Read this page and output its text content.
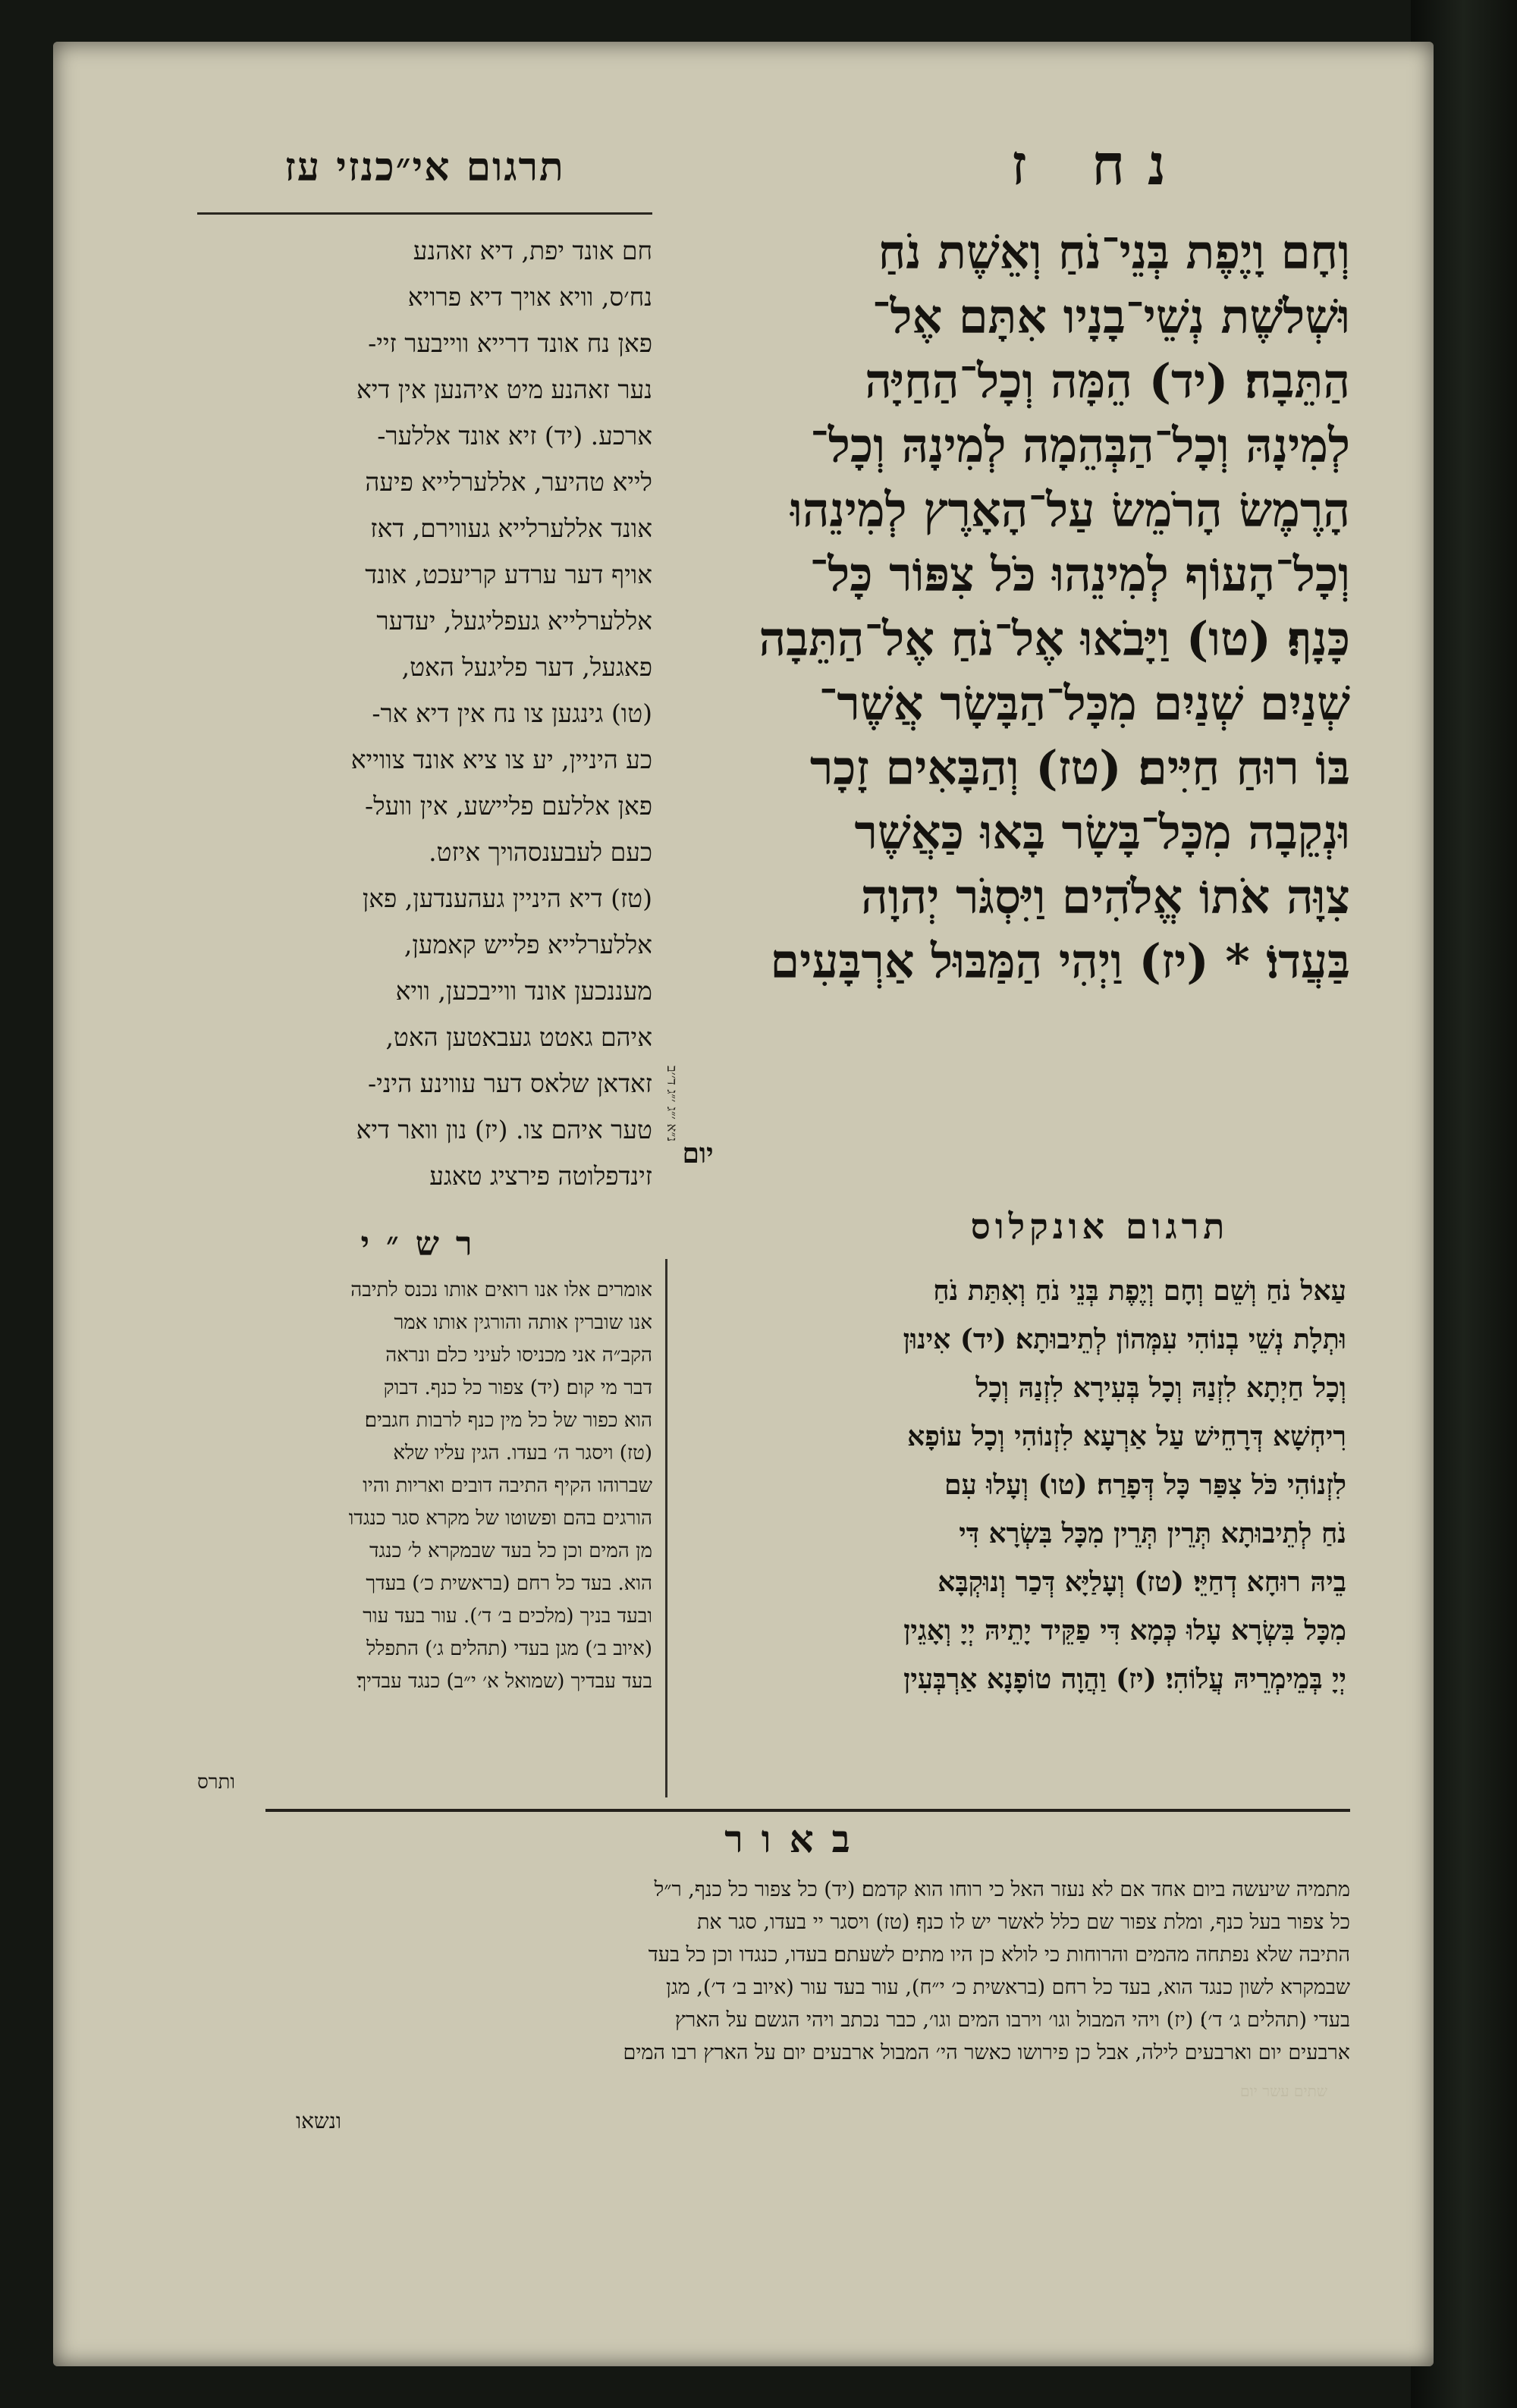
תרגום אי״כנזי עז	נח ז

חם אונד יפת, דיא זאהנע

נח׳ס, וויא אויך דיא פרויא

פאן נח אונד דרייא ווייבער זיי-

נער זאהנע מיט איהנען אין דיא

ארכע. (יד) זיא אונד אללער-

לייא טהיער, אללערלייא פיעה

אונד אללערלייא געווירם, דאז

אויף דער ערדע קריעכט, אונד

אללערלייא געפליגעל, יעדער

פאגעל, דער פליגעל האט,

(טו) גינגען צו נח אין דיא אר-

כע היניין, יע צו ציא אונד צווייא

פאן אללעם פליישע, אין וועל-

כעם לעבענסהויך איזט.

(טז) דיא היניין געהענדען, פאן

אללערלייא פלייש קאמען,

מעננכען אונד ווייבכען, וויא

איהם גאטט געבאטען האט,

זאדאן שלאס דער עווינע היני-

טער איהם צו. (יז) נון וואר דיא

זינדפלוטה פירציג טאגע

וְחָם וָיֶפֶת בְּנֵי־נֹחַ וְאֵשֶׁת נֹחַ

וּשְׁלֹשֶׁת נְשֵׁי־בָנָיו אִתָּם אֶל־

הַתֵּבָה׃ (יד) הֵמָּה וְכָל־הַחַיָּה

לְמִינָהּ וְכָל־הַבְּהֵמָה לְמִינָהּ וְכָל־

הָרֶמֶשׂ הָרֹמֵשׂ עַל־הָאָרֶץ לְמִינֵהוּ

וְכָל־הָעוֹף לְמִינֵהוּ כֹּל צִפּוֹר כָּל־

כָּנָף׃ (טו) וַיָּבֹאוּ אֶל־נֹחַ אֶל־הַתֵּבָה

שְׁנַיִם שְׁנַיִם מִכָּל־הַבָּשָׂר אֲשֶׁר־

בּוֹ רוּחַ חַיִּים׃ (טז) וְהַבָּאִים זָכָר

וּנְקֵבָה מִכָּל־בָּשָׂר בָּאוּ כַּאֲשֶׁר

צִוָּה אֹתוֹ אֱלֹהִים וַיִּסְגֹּר יְהוָה

בַּעֲדוֹ׃ * (יז) וַיְהִי הַמַּבּוּל אַרְבָּעִים

יום
נ״א ׳״ג ׳״ג ד׳׳ב
תרגום אונקלוס

עַאל נֹחַ וְשֵׁם וְחָם וְיֶפֶת בְּנֵי נֹחַ וְאִתַּת נֹחַ

וּתְלָת נְשֵׁי בְנוֹהִי עִמְּהוֹן לְתֵיבוּתָא׃ (יד) אִינוּן

וְכָל חַיְתָא לִזְנַהּ וְכָל בְּעִירָא לִזְנַהּ וְכָל

רִיחְשָׁא דְּרָחֵישׁ עַל אַרְעָא לִזְנוֹהִי וְכָל עוֹפָא

לִזְנוֹהִי כֹּל צִפַּר כָּל דְּפָרַח׃ (טו) וְעָלוּ עִם

נֹחַ לְתֵיבוּתָא תְּרֵין תְּרֵין מִכָּל בִּשְׂרָא דִּי

בֵיהּ רוּחָא דְחַיֵּי׃ (טז) וְעָלַיָּא דְּכַר וְנוּקְבָּא

מִכָּל בִּשְׂרָא עָלוּ כְּמָא דִּי פַקֵּיד יָתֵיהּ יְיָ וְאָגֵין

יְיָ בְּמֵימְרֵיהּ עֲלוֹהִי׃ (יז) וַהֲוָה טוֹפָנָא אַרְבְּעִין

רש״י

אומרים אלו אנו רואים אותו נכנס לתיבה

אנו שוברין אותה והורגין אותו אמר

הקב״ה אני מכניסו לעיני כלם ונראה

דבר מי קום׃ (יד) צפור כל כנף. דבוק

הוא כפור של כל מין כנף לרבות חגבים׃

(טז) ויסגר ה׳ בעדו. הגין עליו שלא

שברוהו הקיף התיבה דובים ואריות והיו

הורגים בהם ופשוטו של מקרא סגר כנגדו

מן המים וכן כל בעד שבמקרא ל׳ כנגד

הוא. בעד כל רחם (בראשית כ׳) בעדך

ובעד בניך (מלכים ב׳ ד׳). עור בעד עור

(איוב ב׳) מגן בעדי (תהלים ג׳) התפלל

בעד עבדיך (שמואל א׳ י״ב) כנגד עבדיך׃

ותרס
באור

מתמיה שיעשה ביום אחד אם לא נעזר האל כי רוחו הוא קדמם׃ (יד) כל צפור כל כנף, ר״ל

כל צפור בעל כנף, ומלת צפור שם כלל לאשר יש לו כנף׃ (טז) ויסגר יי בעדו, סגר את

התיבה שלא נפתחה מהמים והרוחות כי לולא כן היו מתים לשעתם׃ בעדו, כנגדו וכן כל בעד

שבמקרא לשון כנגד הוא, בעד כל רחם (בראשית כ׳ י״ח), עור בעד עור (איוב ב׳ ד׳), מגן

בעדי (תהלים ג׳ ד׳)׃ (יז) ויהי המבול וגו׳ וירבו המים וגו׳, כבר נכתב ויהי הגשם על הארץ

ארבעים יום וארבעים לילה, אבל כן פירושו כאשר הי׳ המבול ארבעים יום על הארץ רבו המים

ונשאו
שתים עשר יום
